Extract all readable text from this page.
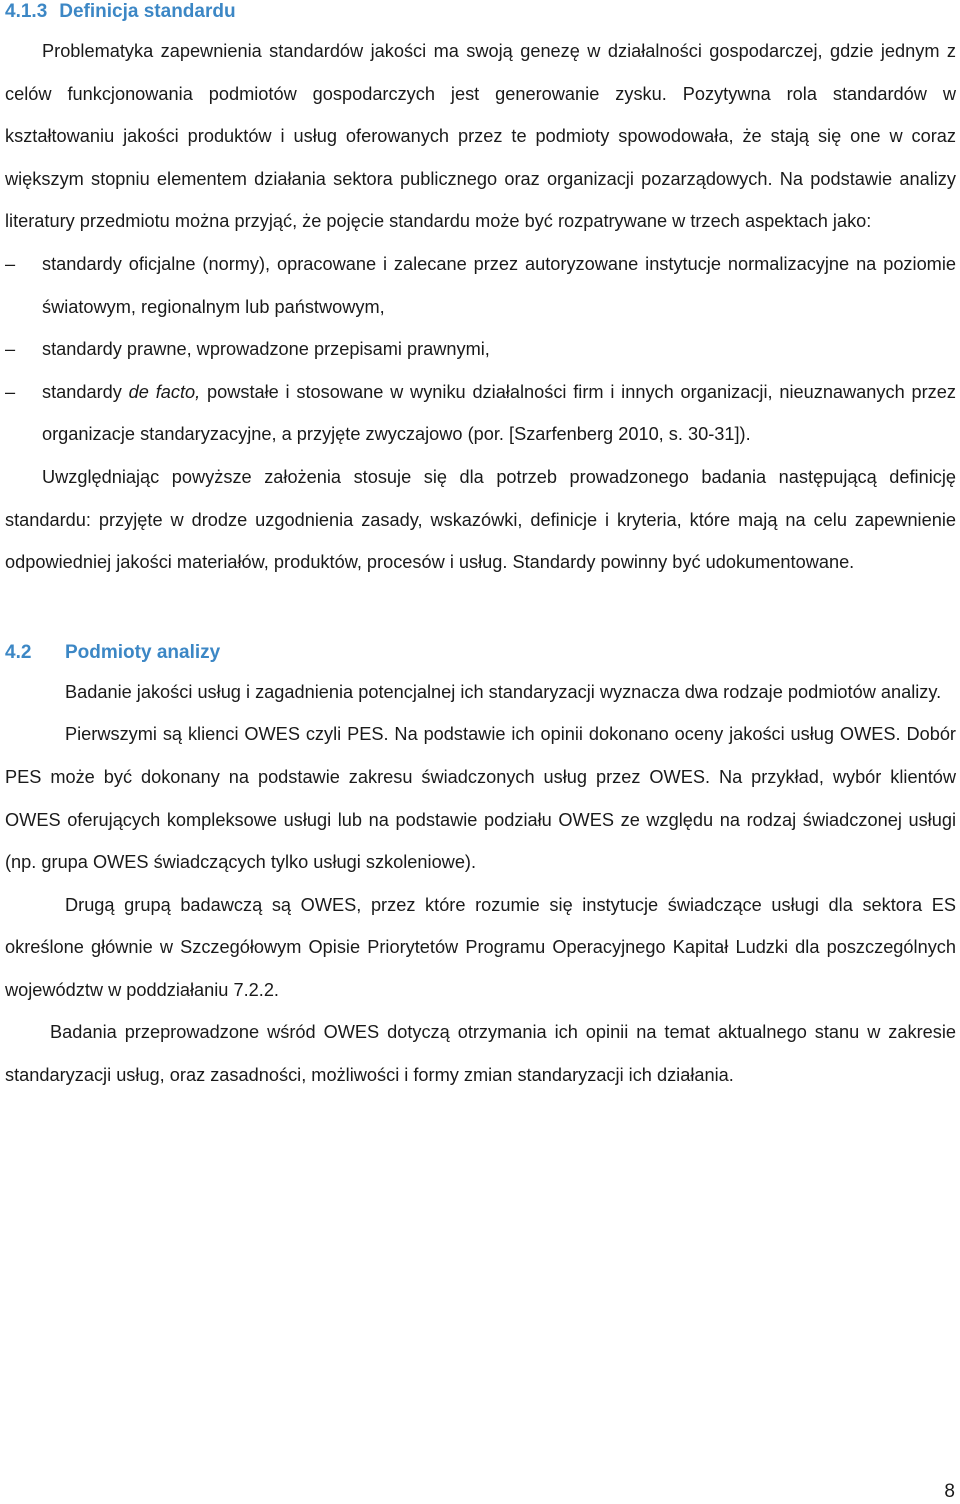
4.1.3 Definicja standardu

Problematyka zapewnienia standardów jakości ma swoją genezę w działalności gospodarczej, gdzie jednym z celów funkcjonowania podmiotów gospodarczych jest generowanie zysku. Pozytywna rola standardów w kształtowaniu jakości produktów i usług oferowanych przez te podmioty spowodowała, że stają się one w coraz większym stopniu elementem działania sektora publicznego oraz organizacji pozarządowych. Na podstawie analizy literatury przedmiotu można przyjąć, że pojęcie standardu może być rozpatrywane w trzech aspektach jako:

–	standardy oficjalne (normy), opracowane i zalecane przez autoryzowane instytucje normalizacyjne na poziomie światowym, regionalnym lub państwowym,
–	standardy prawne, wprowadzone przepisami prawnymi,
–	standardy de facto, powstałe i stosowane w wyniku działalności firm i innych organizacji, nieuznawanych przez organizacje standaryzacyjne, a przyjęte zwyczajowo (por. [Szarfenberg 2010, s. 30-31]).

Uwzględniając powyższe założenia stosuje się dla potrzeb prowadzonego badania następującą definicję standardu: przyjęte w drodze uzgodnienia zasady, wskazówki, definicje i kryteria, które mają na celu zapewnienie odpowiedniej jakości materiałów, produktów, procesów i usług. Standardy powinny być udokumentowane.

4.2 Podmioty analizy

Badanie jakości usług i zagadnienia potencjalnej ich standaryzacji wyznacza dwa rodzaje podmiotów analizy.

Pierwszymi są klienci OWES czyli PES. Na podstawie ich opinii dokonano oceny jakości usług OWES. Dobór PES może być dokonany na podstawie zakresu świadczonych usług przez OWES. Na przykład, wybór klientów OWES oferujących kompleksowe usługi lub na podstawie podziału OWES ze względu na rodzaj świadczonej usługi (np. grupa OWES świadczących tylko usługi szkoleniowe).

Drugą grupą badawczą są OWES, przez które rozumie się instytucje świadczące usługi dla sektora ES określone głównie w Szczegółowym Opisie Priorytetów Programu Operacyjnego Kapitał Ludzki dla poszczególnych województw w poddziałaniu 7.2.2.

Badania przeprowadzone wśród OWES dotyczą otrzymania ich opinii na temat aktualnego stanu w zakresie standaryzacji usług, oraz zasadności, możliwości i formy zmian standaryzacji ich działania.

8
